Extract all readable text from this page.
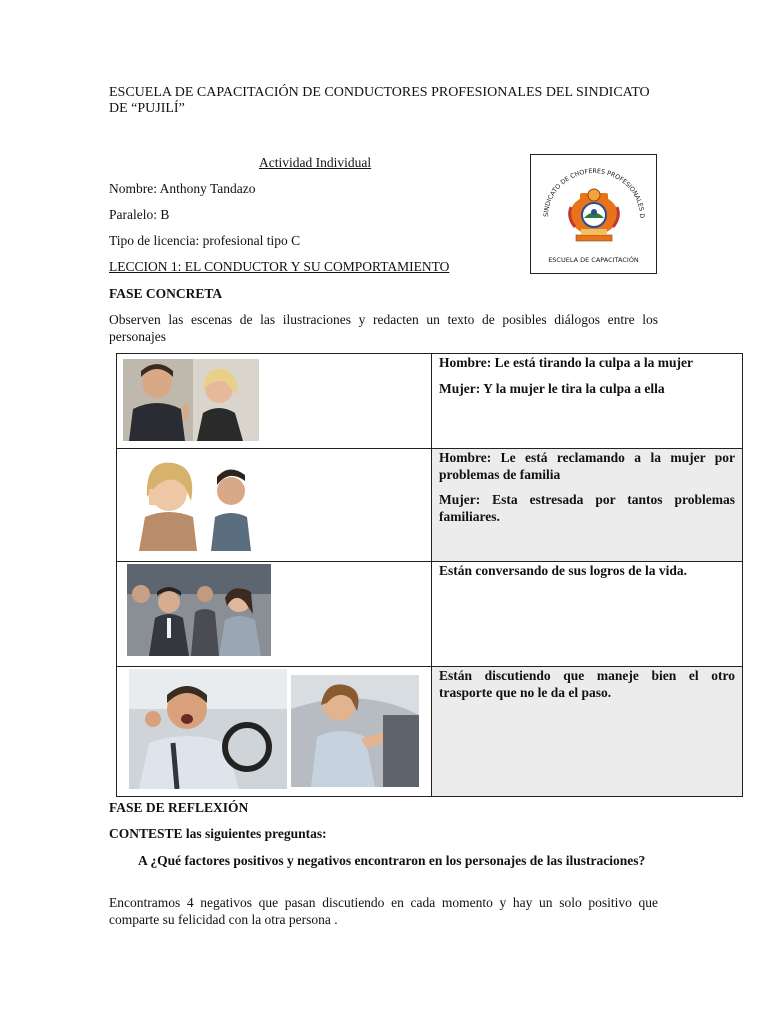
ESCUELA DE CAPACITACIÓN DE CONDUCTORES PROFESIONALES DEL SINDICATO DE “PUJILÍ”
Actividad Individual
Nombre: Anthony Tandazo
Paralelo: B
Tipo de licencia: profesional tipo C
LECCION 1: EL CONDUCTOR Y SU COMPORTAMIENTO
FASE CONCRETA
Observen las escenas de las ilustraciones y redacten un texto de posibles diálogos entre los personajes
SINDICATO DE CHOFERES PROFESIONALES D
ESCUELA DE CAPACITACIÓN

Hombre: Le está tirando la culpa a la mujer

Mujer: Y la mujer le tira la culpa a ella

Hombre: Le está reclamando a la mujer por problemas de familia

Mujer: Esta estresada por tantos problemas familiares.

Están conversando de sus logros de la vida.

Están discutiendo que maneje bien el otro trasporte que no le da el paso.

FASE DE REFLEXIÓN
CONTESTE las siguientes preguntas:
A ¿Qué factores positivos y negativos encontraron en los personajes de las ilustraciones?
Encontramos 4 negativos que pasan discutiendo en cada momento y hay un solo positivo que comparte su felicidad con la otra persona .
